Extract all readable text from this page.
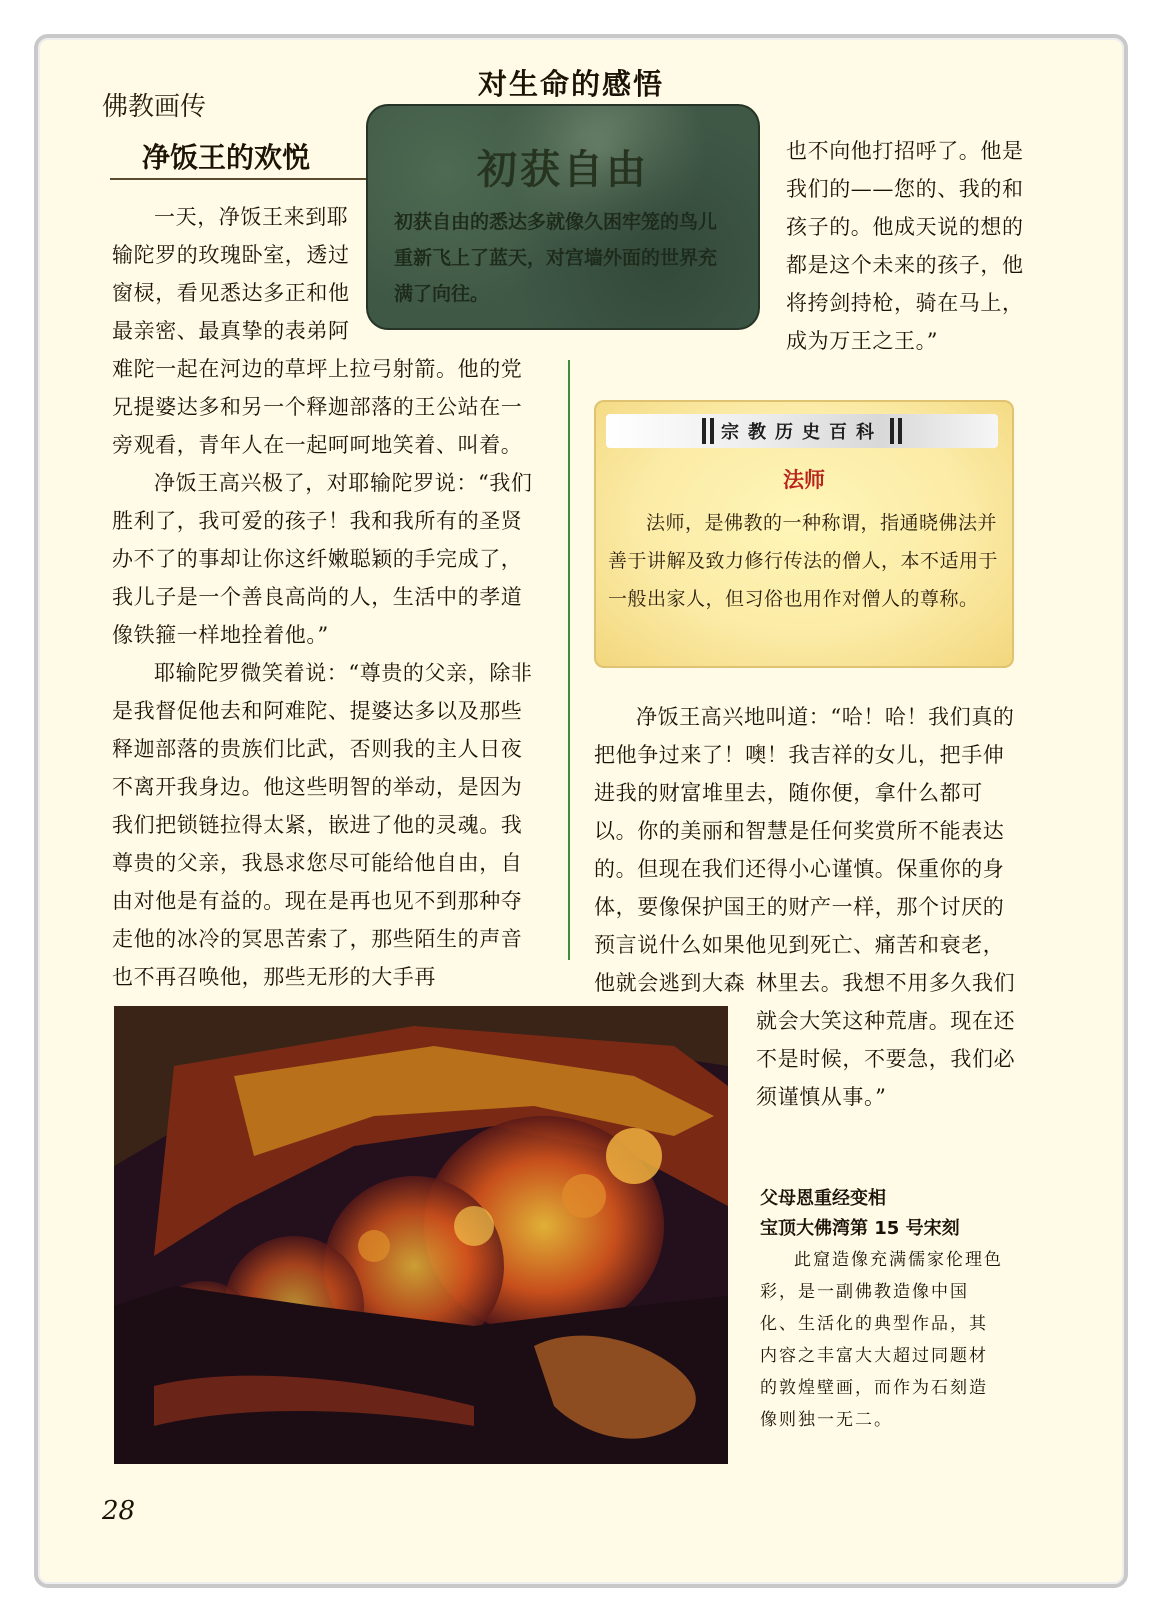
佛教画传
对生命的感悟
净饭王的欢悦

一天，净饭王来到耶输陀罗的玫瑰卧室，透过窗棂，看见悉达多正和他最亲密、最真挚的表弟阿

难陀一起在河边的草坪上拉弓射箭。他的党兄提婆达多和另一个释迦部落的王公站在一旁观看，青年人在一起呵呵地笑着、叫着。

净饭王高兴极了，对耶输陀罗说：“我们胜利了，我可爱的孩子！我和我所有的圣贤办不了的事却让你这纤嫩聪颖的手完成了，我儿子是一个善良高尚的人，生活中的孝道像铁箍一样地拴着他。”

耶输陀罗微笑着说：“尊贵的父亲，除非是我督促他去和阿难陀、提婆达多以及那些释迦部落的贵族们比武，否则我的主人日夜不离开我身边。他这些明智的举动，是因为我们把锁链拉得太紧，嵌进了他的灵魂。我尊贵的父亲，我恳求您尽可能给他自由，自由对他是有益的。现在是再也见不到那种夺走他的冰冷的冥思苦索了，那些陌生的声音也不再召唤他，那些无形的大手再

初获自由

初获自由的悉达多就像久困牢笼的鸟儿重新飞上了蓝天，对宫墙外面的世界充满了向往。

也不向他打招呼了。他是我们的——您的、我的和孩子的。他成天说的想的都是这个未来的孩子，他将挎剑持枪，骑在马上，成为万王之王。”

宗教历史百科
法师

法师，是佛教的一种称谓，指通晓佛法并善于讲解及致力修行传法的僧人，本不适用于一般出家人，但习俗也用作对僧人的尊称。

净饭王高兴地叫道：“哈！哈！我们真的把他争过来了！噢！我吉祥的女儿，把手伸进我的财富堆里去，随你便，拿什么都可以。你的美丽和智慧是任何奖赏所不能表达的。但现在我们还得小心谨慎。保重你的身体，要像保护国王的财产一样，那个讨厌的预言说什么如果他见到死亡、痛苦和衰老，他就会逃到大森 林里去。我想不用多久我们就会大笑这种荒唐。现在还不是时候，不要急，我们必须谨慎从事。”

父母恩重经变相

宝顶大佛湾第 15 号宋刻

此窟造像充满儒家伦理色彩，是一副佛教造像中国化、生活化的典型作品，其内容之丰富大大超过同题材的敦煌壁画，而作为石刻造像则独一无二。

28
